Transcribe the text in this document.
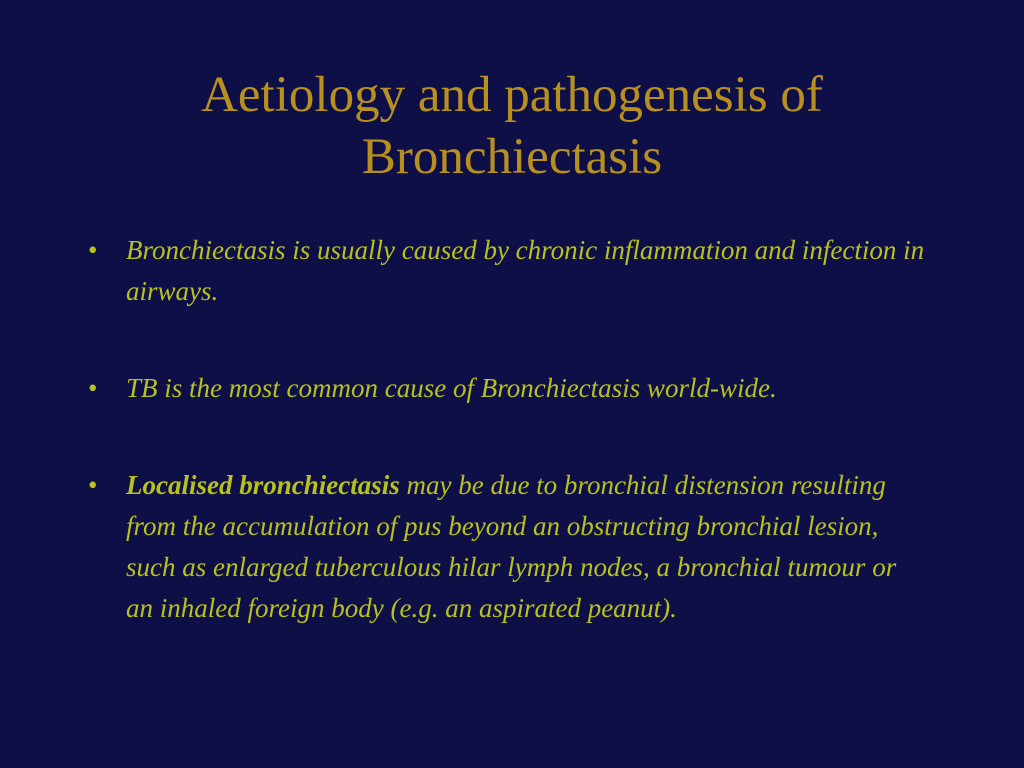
Aetiology and pathogenesis of Bronchiectasis
• Bronchiectasis is usually caused by chronic inflammation and infection in airways.
• TB is the most common cause of Bronchiectasis world-wide.
• Localised bronchiectasis may be due to bronchial distension resulting from the accumulation of pus beyond an obstructing bronchial lesion, such as enlarged tuberculous hilar lymph nodes, a bronchial tumour or an inhaled foreign body (e.g. an aspirated peanut).
